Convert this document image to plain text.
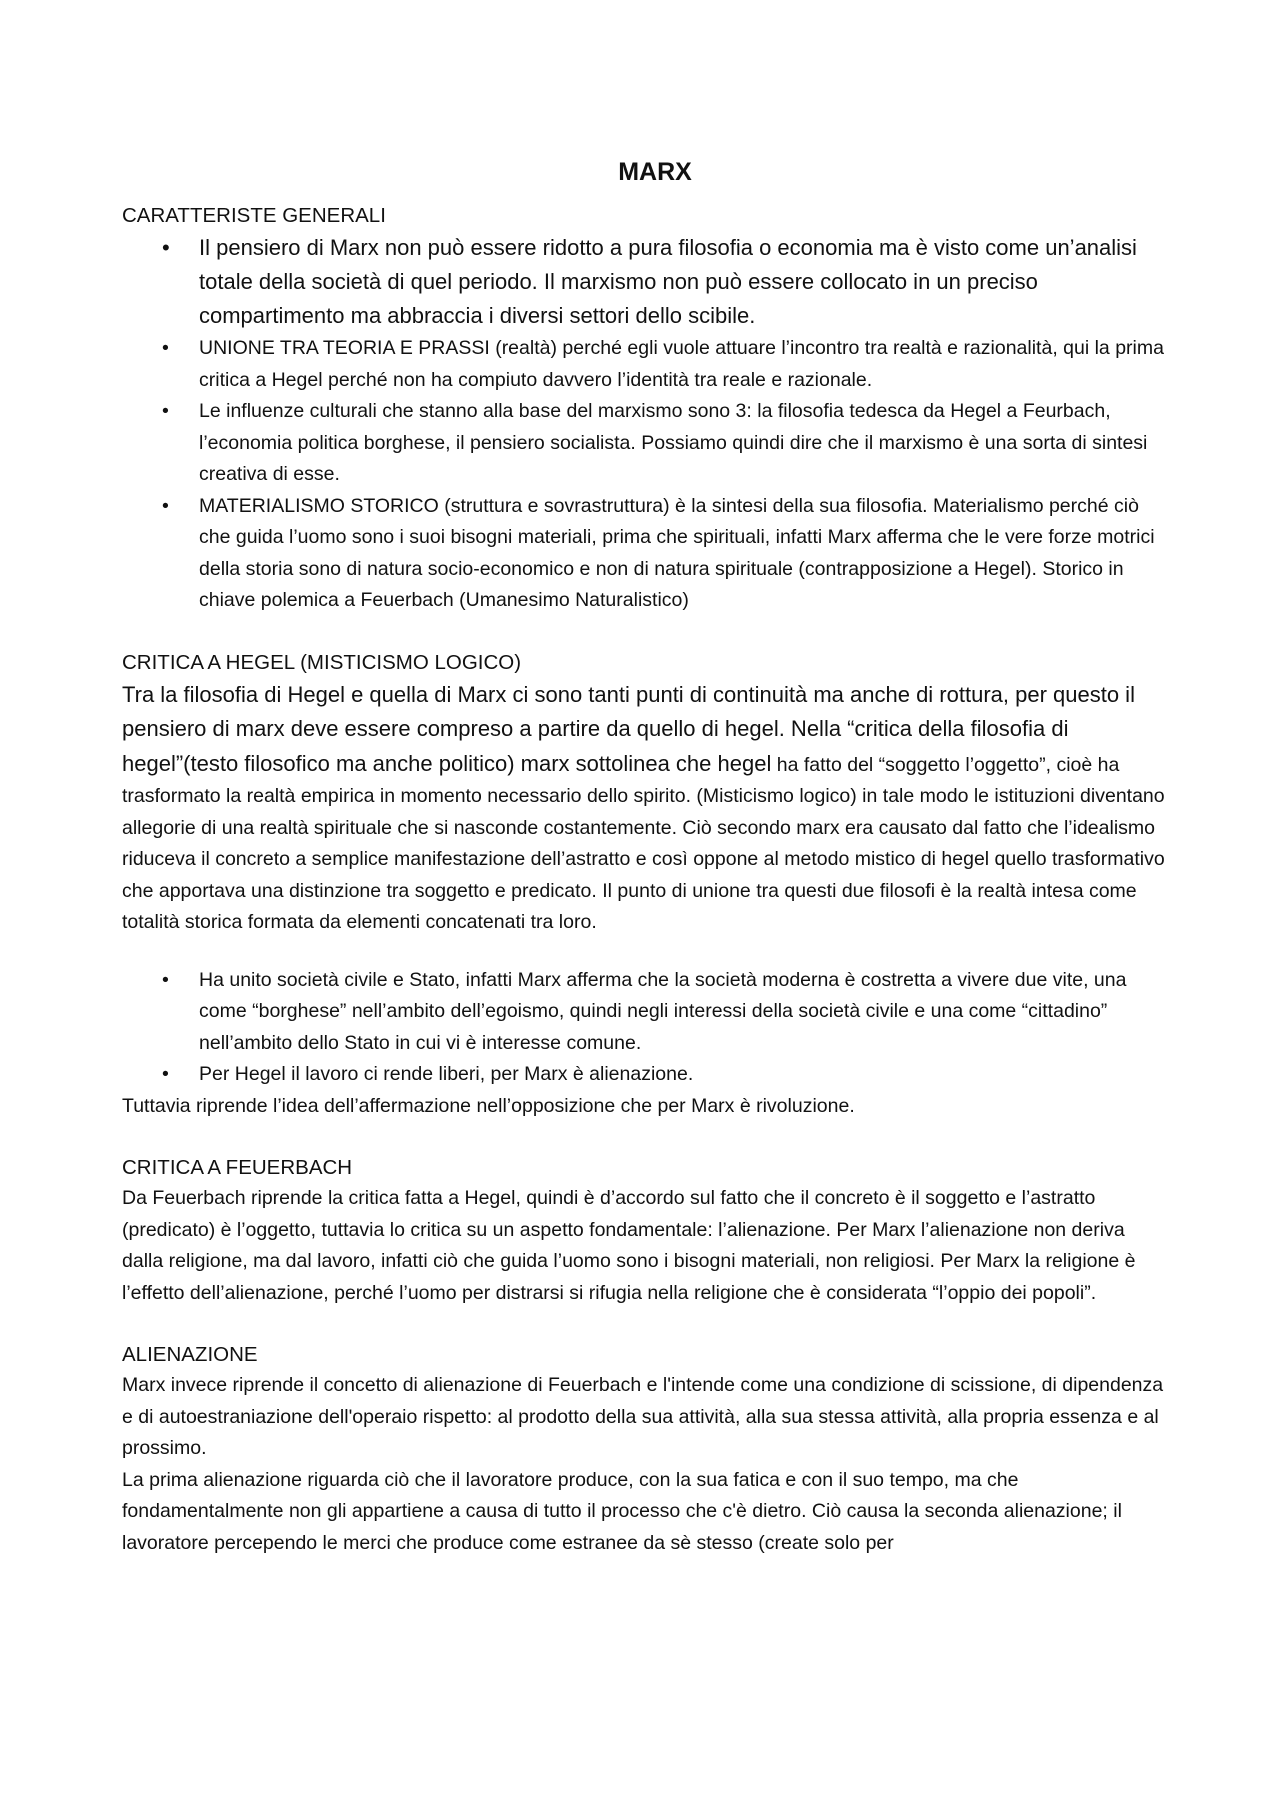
MARX

CARATTERISTE GENERALI

• Il pensiero di Marx non può essere ridotto a pura filosofia o economia ma è visto come un’analisi totale della società di quel periodo. Il marxismo non può essere collocato in un preciso compartimento ma abbraccia i diversi settori dello scibile.
• UNIONE TRA TEORIA E PRASSI (realtà) perché egli vuole attuare l’incontro tra realtà e razionalità, qui la prima critica a Hegel perché non ha compiuto davvero l’identità tra reale e razionale.
• Le influenze culturali che stanno alla base del marxismo sono 3: la filosofia tedesca da Hegel a Feurbach, l’economia politica borghese, il pensiero socialista. Possiamo quindi dire che il marxismo è una sorta di sintesi creativa di esse.
• MATERIALISMO STORICO (struttura e sovrastruttura) è la sintesi della sua filosofia. Materialismo perché ciò che guida l’uomo sono i suoi bisogni materiali, prima che spirituali, infatti Marx afferma che le vere forze motrici della storia sono di natura socio-economico e non di natura spirituale (contrapposizione a Hegel). Storico in chiave polemica a Feuerbach (Umanesimo Naturalistico)

CRITICA A HEGEL (MISTICISMO LOGICO)

Tra la filosofia di Hegel e quella di Marx ci sono tanti punti di continuità ma anche di rottura, per questo il pensiero di marx deve essere compreso a partire da quello di hegel. Nella “critica della filosofia di hegel”(testo filosofico ma anche politico) marx sottolinea che hegel ha fatto del “soggetto l’oggetto”, cioè ha trasformato la realtà empirica in momento necessario dello spirito. (Misticismo logico) in tale modo le istituzioni diventano allegorie di una realtà spirituale che si nasconde costantemente. Ciò secondo marx era causato dal fatto che l’idealismo riduceva il concreto a semplice manifestazione dell’astratto e così oppone al metodo mistico di hegel quello trasformativo che apportava una distinzione tra soggetto e predicato. Il punto di unione tra questi due filosofi è la realtà intesa come totalità storica formata da elementi concatenati tra loro.

• Ha unito società civile e Stato, infatti Marx afferma che la società moderna è costretta a vivere due vite, una come “borghese” nell’ambito dell’egoismo, quindi negli interessi della società civile e una come “cittadino” nell’ambito dello Stato in cui vi è interesse comune.
• Per Hegel il lavoro ci rende liberi, per Marx è alienazione.

Tuttavia riprende l’idea dell’affermazione nell’opposizione che per Marx è rivoluzione.

CRITICA A FEUERBACH

Da Feuerbach riprende la critica fatta a Hegel, quindi è d’accordo sul fatto che il concreto è il soggetto e l’astratto (predicato) è l’oggetto, tuttavia lo critica su un aspetto fondamentale: l’alienazione. Per Marx l’alienazione non deriva dalla religione, ma dal lavoro, infatti ciò che guida l’uomo sono i bisogni materiali, non religiosi. Per Marx la religione è l’effetto dell’alienazione, perché l’uomo per distrarsi si rifugia nella religione che è considerata “l’oppio dei popoli”.

ALIENAZIONE

Marx invece riprende il concetto di alienazione di Feuerbach e l'intende come una condizione di scissione, di dipendenza e di autoestraniazione dell'operaio rispetto: al prodotto della sua attività, alla sua stessa attività, alla propria essenza e al prossimo.

La prima alienazione riguarda ciò che il lavoratore produce, con la sua fatica e con il suo tempo, ma che fondamentalmente non gli appartiene a causa di tutto il processo che c'è dietro. Ciò causa la seconda alienazione; il lavoratore percependo le merci che produce come estranee da sè stesso (create solo per
